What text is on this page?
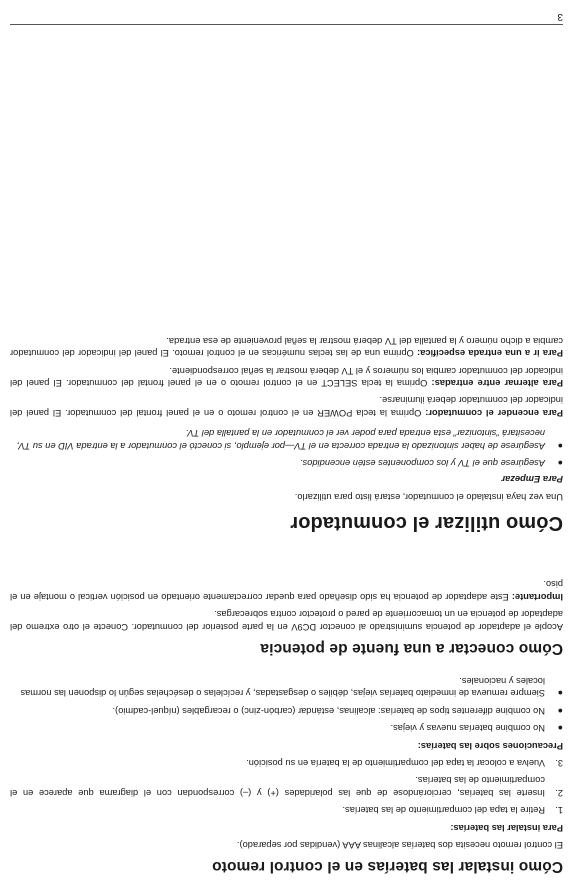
Cómo instalar las baterías en el control remoto

El control remoto necesita dos baterías alcalinas AAA (vendidas por separado).

Para instalar las baterías:
1.
Retire la tapa del compartimiento de las baterías.
2.
Inserte las baterías, cerciorándose de que las polaridades (+) y (–) correspondan con el diagrama que aparece en el compartimiento de las baterías.
3.
Vuelva a colocar la tapa del compartimiento de la batería en su posición.
Precauciones sobre las baterías:
●
No combine baterías nuevas y viejas.
●
No combine diferentes tipos de baterías: alcalinas, estándar (carbón-zinc) o recargables (níquel-cadmio).
●
Siempre remueva de inmediato baterías viejas, débiles o desgastadas, y recíclelas o deséchelas según lo disponen las normas locales y nacionales.
Cómo conectar a una fuente de potencia

Acople el adaptador de potencia suministrado al conector DC9V en la parte posterior del conmutador. Conecte el otro extremo del adaptador de potencia en un tomacorriente de pared o protector contra sobrecargas.

Importante: Este adaptador de potencia ha sido diseñado para quedar correctamente orientado en posición vertical o montaje en el piso.

Cómo utilizar el conmutador

Una vez haya instalado el conmutador, estará listo para utilizarlo.

Para Empezar
●
Asegúrese que el TV y los componentes estén encendidos.
●
Asegúrese de haber sintonizado la entrada correcta en el TV—por ejemplo, si conectó el conmutador a la entrada VID en su TV, necesitará “sintonizar” esta entrada para poder ver el conmutador en la pantalla del TV.

Para encender el conmutador: Oprima la tecla POWER en el control remoto o en el panel frontal del conmutador. El panel del indicador del conmutador deberá iluminarse.

Para alternar entre entradas: Oprima la tecla SELECT en el control remoto o en el panel frontal del conmutador. El panel del indicador del conmutador cambia los números y el TV deberá mostrar la señal correspondiente.

Para ir a una entrada específica: Oprima una de las teclas numéricas en el control remoto. El panel del indicador del conmutador cambia a dicho número y la pantalla del TV deberá mostrar la señal proveniente de esa entrada.

3
